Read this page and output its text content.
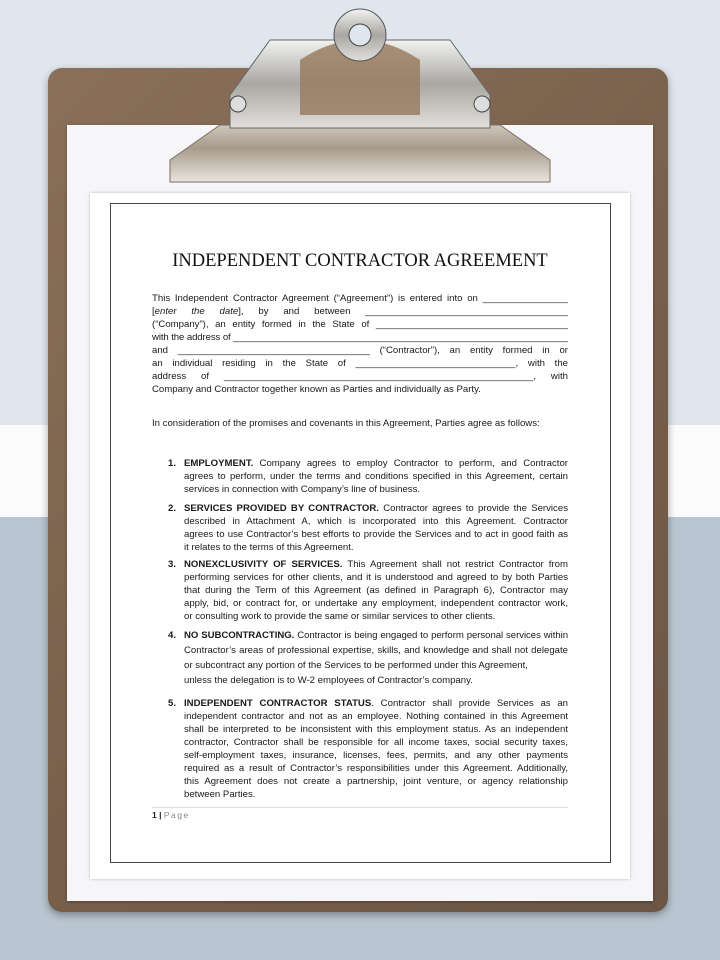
INDEPENDENT CONTRACTOR AGREEMENT
This Independent Contractor Agreement (“Agreement”) is entered into on ________________
[enter the date], by and between ______________________________________
(“Company”), an entity formed in the State of ____________________________________
with the address of ________________________________________________________________
and ____________________________________ (“Contractor”), an entity formed in or
an individual residing in the State of ______________________________, with the
address of __________________________________________________________, with
Company and Contractor together known as Parties and individually as Party.
In consideration of the promises and covenants in this Agreement, Parties agree as follows:
1. EMPLOYMENT. Company agrees to employ Contractor to perform, and Contractor
agrees to perform, under the terms and conditions specified in this Agreement, certain
services in connection with Company’s line of business.
2. SERVICES PROVIDED BY CONTRACTOR. Contractor agrees to provide the Services
described in Attachment A, which is incorporated into this Agreement. Contractor
agrees to use Contractor’s best efforts to provide the Services and to act in good faith as
it relates to the terms of this Agreement.
3. NONEXCLUSIVITY OF SERVICES. This Agreement shall not restrict Contractor from
performing services for other clients, and it is understood and agreed to by both Parties
that during the Term of this Agreement (as defined in Paragraph 6), Contractor may
apply, bid, or contract for, or undertake any employment, independent contractor work,
or consulting work to provide the same or similar services to other clients.
4. NO SUBCONTRACTING. Contractor is being engaged to perform personal services within
Contractor’s areas of professional expertise, skills, and knowledge and shall not delegate
or subcontract any portion of the Services to be performed under this Agreement,
unless the delegation is to W-2 employees of Contractor’s company.
5. INDEPENDENT CONTRACTOR STATUS. Contractor shall provide Services as an
independent contractor and not as an employee. Nothing contained in this Agreement
shall be interpreted to be inconsistent with this employment status. As an independent
contractor, Contractor shall be responsible for all income taxes, social security taxes,
self-employment taxes, insurance, licenses, fees, permits, and any other payments
required as a result of Contractor’s responsibilities under this Agreement. Additionally,
this Agreement does not create a partnership, joint venture, or agency relationship
between Parties.
1 | Page
